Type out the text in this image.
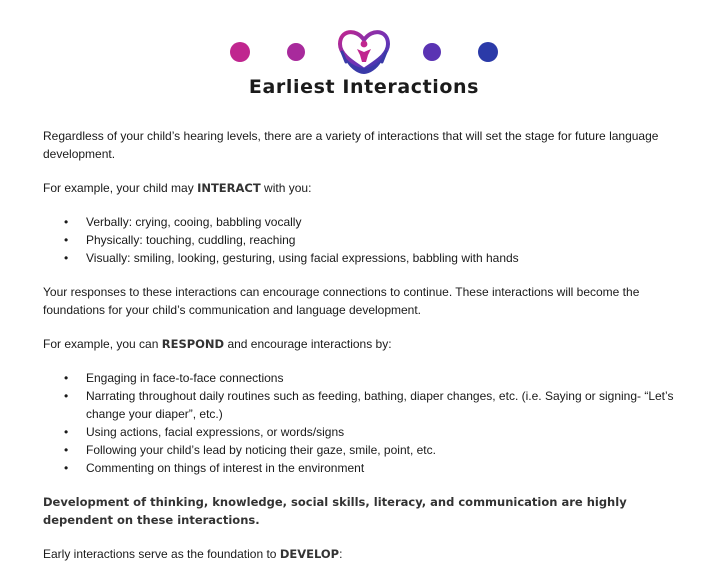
Earliest Interactions

Regardless of your child’s hearing levels, there are a variety of interactions that will set the stage for future language development.

For example, your child may INTERACT with you:

• Verbally: crying, cooing, babbling vocally
• Physically: touching, cuddling, reaching
• Visually: smiling, looking, gesturing, using facial expressions, babbling with hands

Your responses to these interactions can encourage connections to continue. These interactions will become the foundations for your child’s communication and language development.

For example, you can RESPOND and encourage interactions by:

• Engaging in face-to-face connections
• Narrating throughout daily routines such as feeding, bathing, diaper changes, etc. (i.e. Saying or signing- “Let’s change your diaper”, etc.)
• Using actions, facial expressions, or words/signs
• Following your child’s lead by noticing their gaze, smile, point, etc.
• Commenting on things of interest in the environment

Development of thinking, knowledge, social skills, literacy, and communication are highly dependent on these interactions.

Early interactions serve as the foundation to DEVELOP:
